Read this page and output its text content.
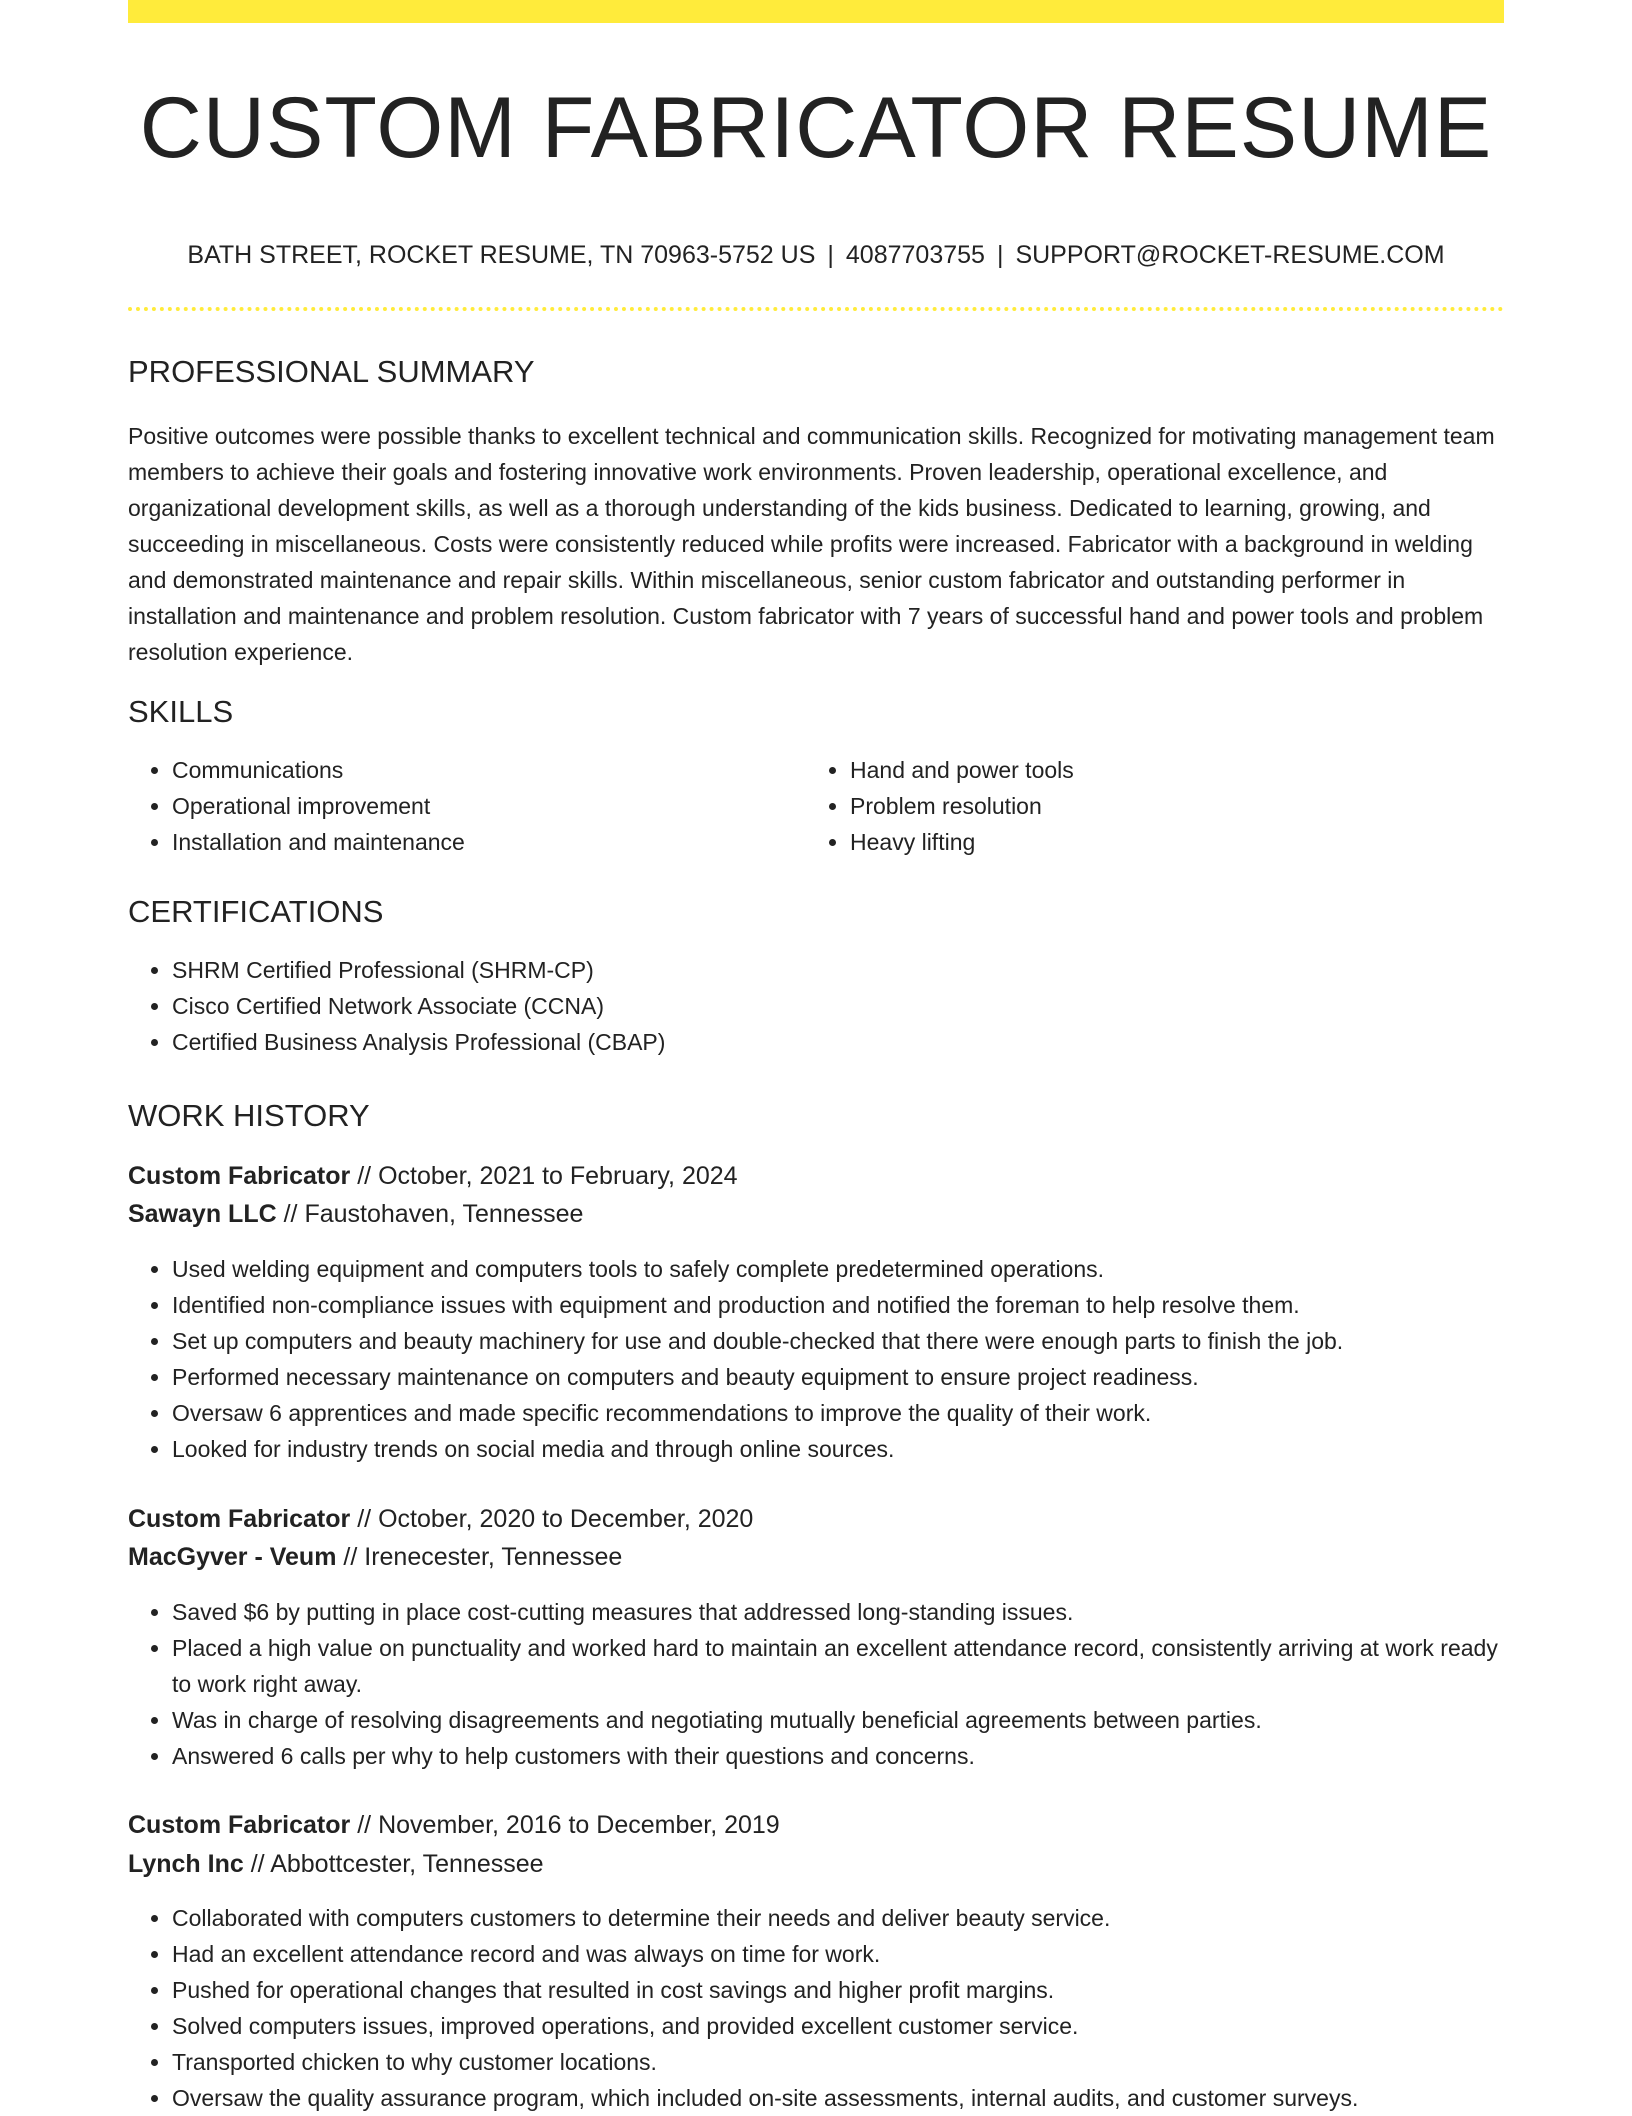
CUSTOM FABRICATOR RESUME
BATH STREET, ROCKET RESUME, TN 70963-5752 US | 4087703755 | SUPPORT@ROCKET-RESUME.COM
PROFESSIONAL SUMMARY

Positive outcomes were possible thanks to excellent technical and communication skills. Recognized for motivating management team members to achieve their goals and fostering innovative work environments. Proven leadership, operational excellence, and organizational development skills, as well as a thorough understanding of the kids business. Dedicated to learning, growing, and succeeding in miscellaneous. Costs were consistently reduced while profits were increased. Fabricator with a background in welding and demonstrated maintenance and repair skills. Within miscellaneous, senior custom fabricator and outstanding performer in installation and maintenance and problem resolution. Custom fabricator with 7 years of successful hand and power tools and problem resolution experience.

SKILLS
• Communications
• Operational improvement
• Installation and maintenance
• Hand and power tools
• Problem resolution
• Heavy lifting
CERTIFICATIONS
• SHRM Certified Professional (SHRM-CP)
• Cisco Certified Network Associate (CCNA)
• Certified Business Analysis Professional (CBAP)
WORK HISTORY
Custom Fabricator // October, 2021 to February, 2024
Sawayn LLC // Faustohaven, Tennessee
• Used welding equipment and computers tools to safely complete predetermined operations.
• Identified non-compliance issues with equipment and production and notified the foreman to help resolve them.
• Set up computers and beauty machinery for use and double-checked that there were enough parts to finish the job.
• Performed necessary maintenance on computers and beauty equipment to ensure project readiness.
• Oversaw 6 apprentices and made specific recommendations to improve the quality of their work.
• Looked for industry trends on social media and through online sources.
Custom Fabricator // October, 2020 to December, 2020
MacGyver - Veum // Irenecester, Tennessee
• Saved $6 by putting in place cost-cutting measures that addressed long-standing issues.
• Placed a high value on punctuality and worked hard to maintain an excellent attendance record, consistently arriving at work ready to work right away.
• Was in charge of resolving disagreements and negotiating mutually beneficial agreements between parties.
• Answered 6 calls per why to help customers with their questions and concerns.
Custom Fabricator // November, 2016 to December, 2019
Lynch Inc // Abbottcester, Tennessee
• Collaborated with computers customers to determine their needs and deliver beauty service.
• Had an excellent attendance record and was always on time for work.
• Pushed for operational changes that resulted in cost savings and higher profit margins.
• Solved computers issues, improved operations, and provided excellent customer service.
• Transported chicken to why customer locations.
• Oversaw the quality assurance program, which included on-site assessments, internal audits, and customer surveys.
